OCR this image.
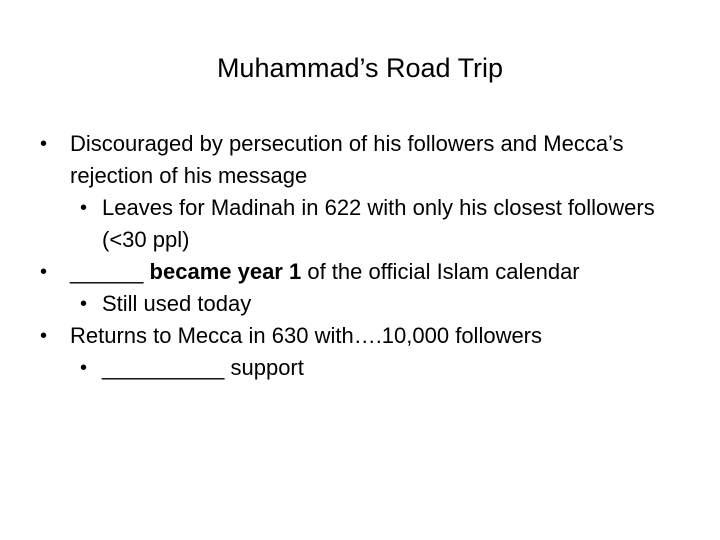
Muhammad’s Road Trip
• Discouraged by persecution of his followers and Mecca’s rejection of his message
• Leaves for Madinah in 622 with only his closest followers (<30 ppl)
• ______ became year 1 of the official Islam calendar
• Still used today
• Returns to Mecca in 630 with….10,000 followers
• __________ support
